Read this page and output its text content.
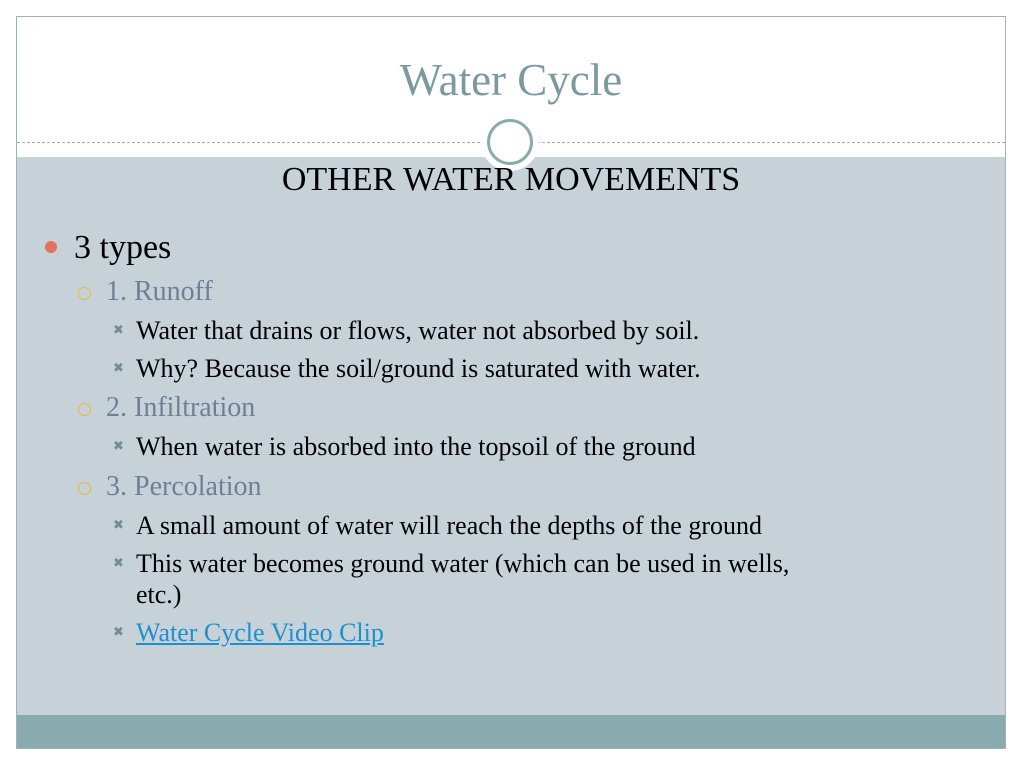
Water Cycle
OTHER WATER MOVEMENTS
3 types
1. Runoff
✖ Water that drains or flows, water not absorbed by soil.
✖ Why? Because the soil/ground is saturated with water.
2. Infiltration
✖ When water is absorbed into the topsoil of the ground
3. Percolation
✖ A small amount of water will reach the depths of the ground
✖ This water becomes ground water (which can be used in wells,
etc.)
✖ Water Cycle Video Clip
